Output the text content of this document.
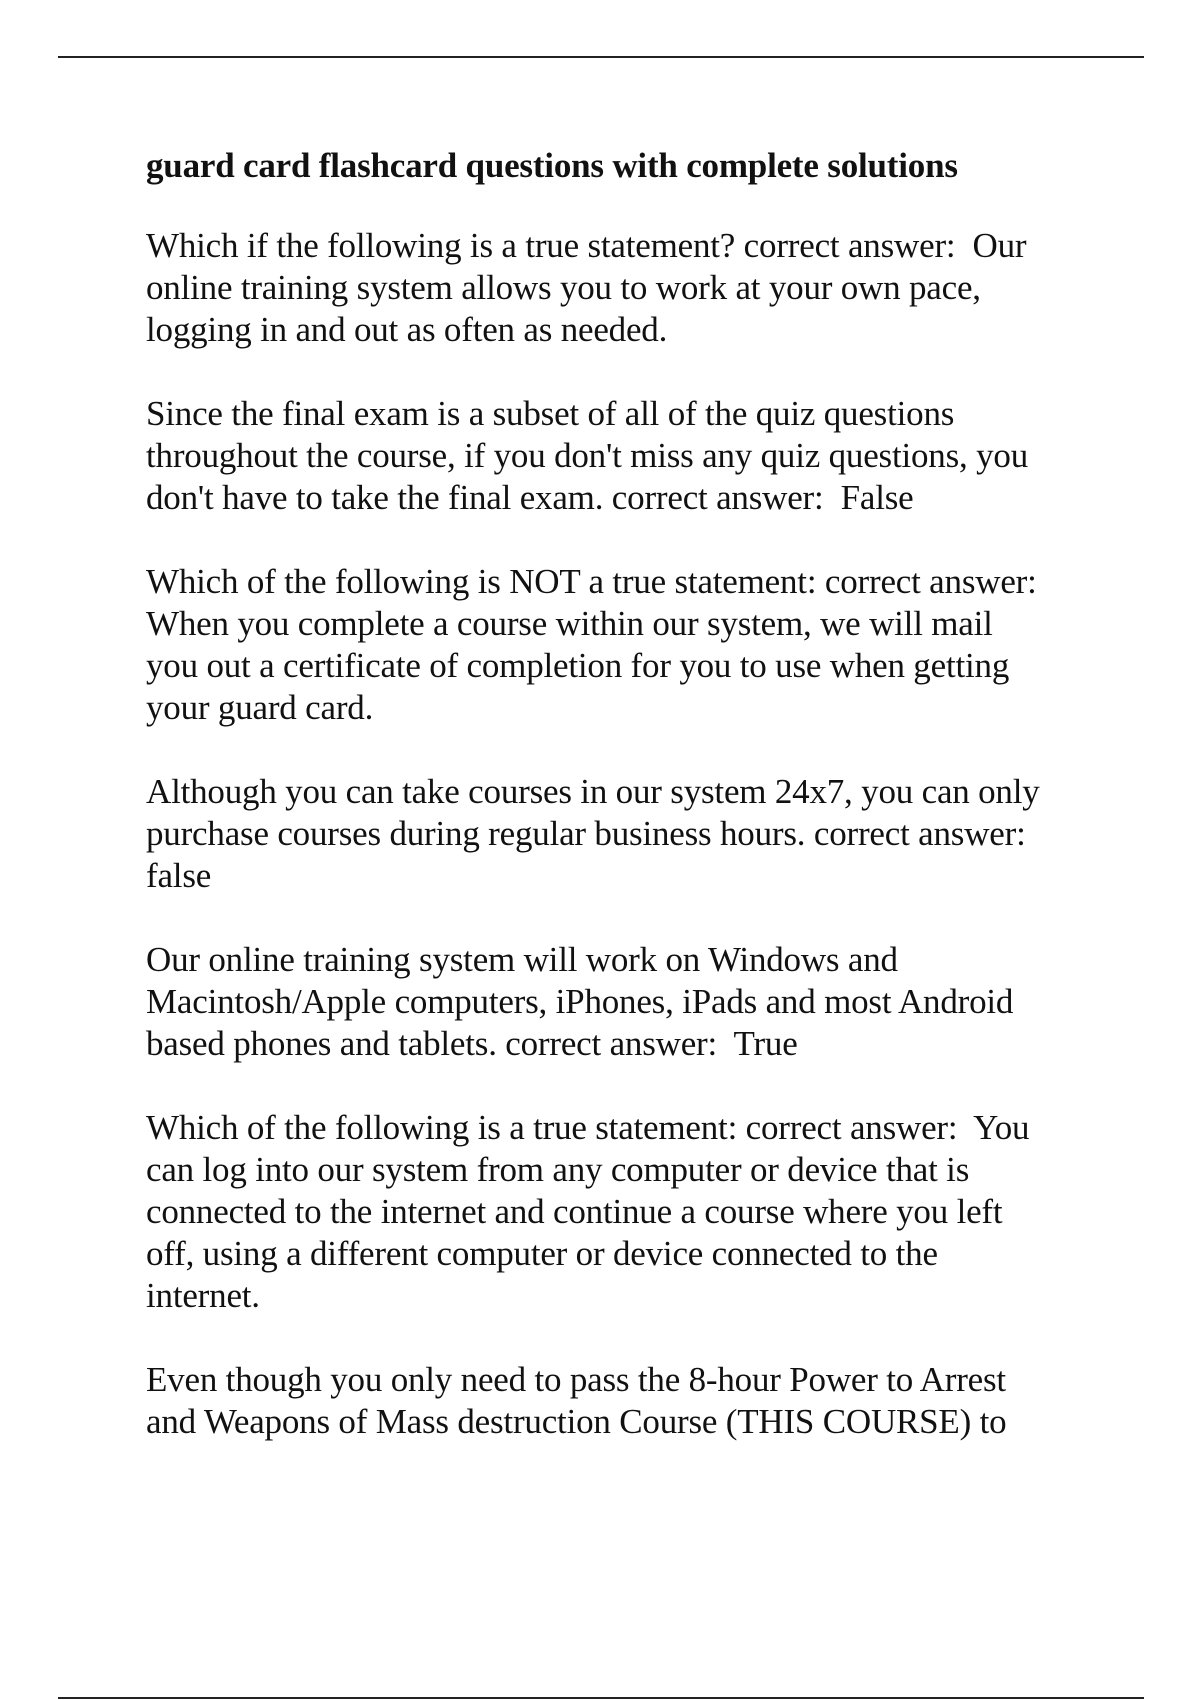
guard card flashcard questions with complete solutions

Which if the following is a true statement? correct answer:  Our
online training system allows you to work at your own pace,
logging in and out as often as needed.

Since the final exam is a subset of all of the quiz questions
throughout the course, if you don't miss any quiz questions, you
don't have to take the final exam. correct answer:  False

Which of the following is NOT a true statement: correct answer:
When you complete a course within our system, we will mail
you out a certificate of completion for you to use when getting
your guard card.

Although you can take courses in our system 24x7, you can only
purchase courses during regular business hours. correct answer:
false

Our online training system will work on Windows and
Macintosh/Apple computers, iPhones, iPads and most Android
based phones and tablets. correct answer:  True

Which of the following is a true statement: correct answer:  You
can log into our system from any computer or device that is
connected to the internet and continue a course where you left
off, using a different computer or device connected to the
internet.

Even though you only need to pass the 8-hour Power to Arrest
and Weapons of Mass destruction Course (THIS COURSE) to
